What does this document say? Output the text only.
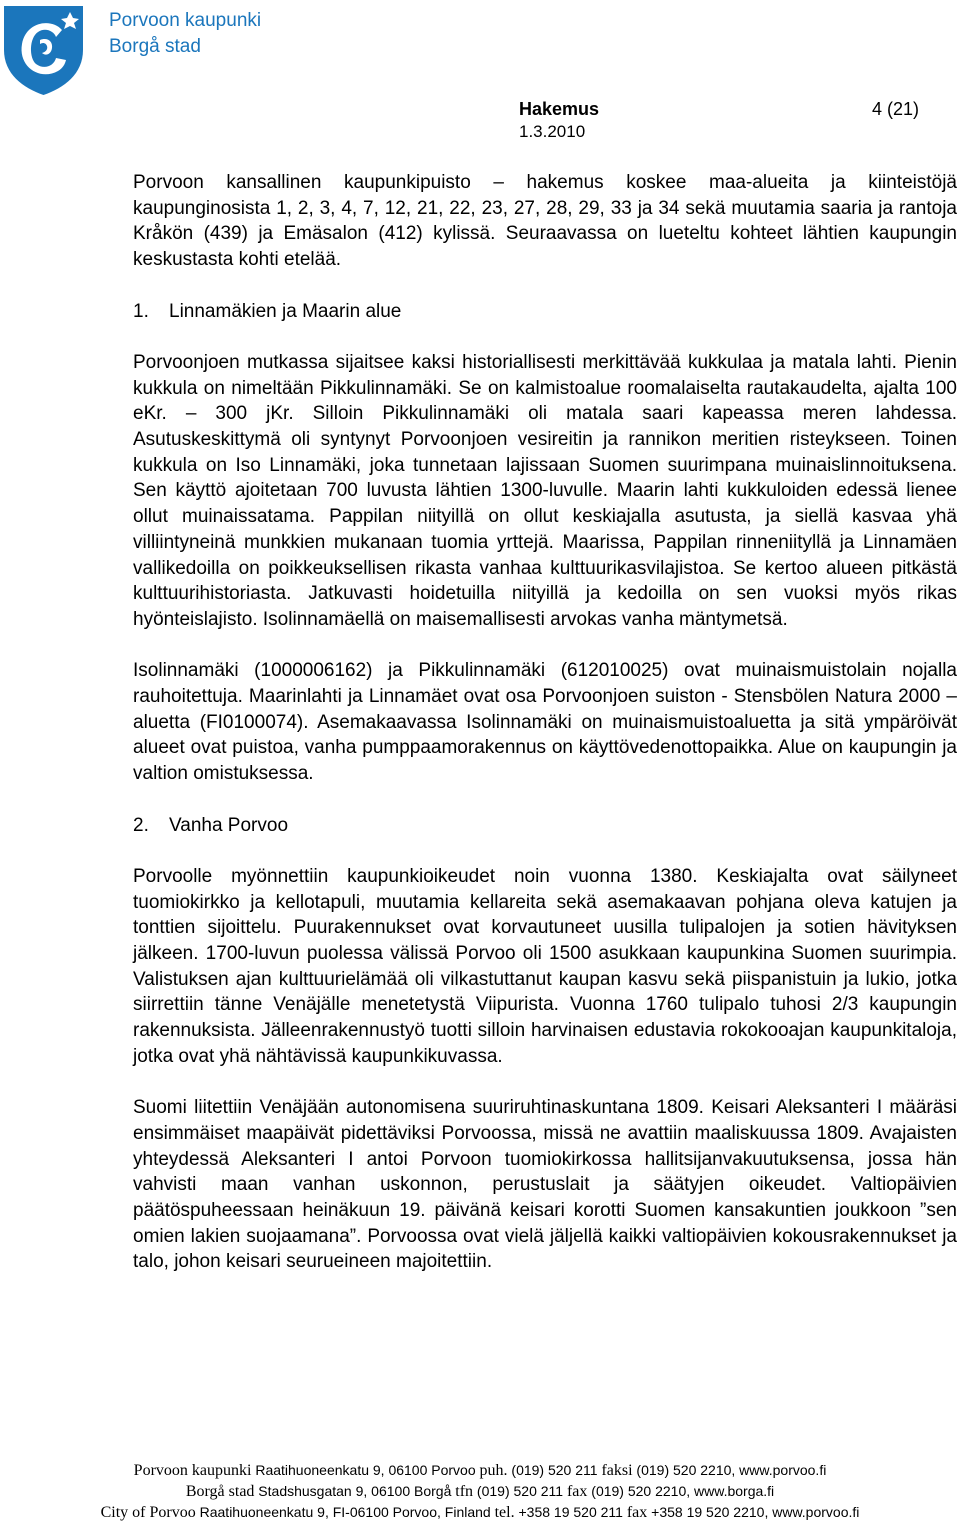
Porvoon kaupunki
Borgå stad
Hakemus	4 (21)
1.3.2010

Porvoon kansallinen kaupunkipuisto – hakemus koskee maa-alueita ja kiinteistöjä kaupunginosista 1, 2, 3, 4, 7, 12, 21, 22, 23, 27, 28, 29, 33 ja 34 sekä muutamia saaria ja rantoja Kråkön (439) ja Emäsalon (412) kylissä. Seuraavassa on lueteltu kohteet lähtien kaupungin keskustasta kohti etelää.

1. Linnamäkien ja Maarin alue

Porvoonjoen mutkassa sijaitsee kaksi historiallisesti merkittävää kukkulaa ja matala lahti. Pienin kukkula on nimeltään Pikkulinnamäki. Se on kalmistoalue roomalaiselta rautakaudelta, ajalta 100 eKr. – 300 jKr. Silloin Pikkulinnamäki oli matala saari kapeassa meren lahdessa. Asutuskeskittymä oli syntynyt Porvoonjoen vesireitin ja rannikon meritien risteykseen. Toinen kukkula on Iso Linnamäki, joka tunnetaan lajissaan Suomen suurimpana muinaislinnoituksena. Sen käyttö ajoitetaan 700 luvusta lähtien 1300-luvulle. Maarin lahti kukkuloiden edessä lienee ollut muinaissatama. Pappilan niityillä on ollut keskiajalla asutusta, ja siellä kasvaa yhä villiintyneinä munkkien mukanaan tuomia yrttejä. Maarissa, Pappilan rinneniityllä ja Linnamäen vallikedoilla on poikkeuksellisen rikasta vanhaa kulttuurikasvilajistoa. Se kertoo alueen pitkästä kulttuurihistoriasta. Jatkuvasti hoidetuilla niityillä ja kedoilla on sen vuoksi myös rikas hyönteislajisto. Isolinnamäellä on maisemallisesti arvokas vanha mäntymetsä.

Isolinnamäki (1000006162) ja Pikkulinnamäki (612010025) ovat muinaismuistolain nojalla rauhoitettuja. Maarinlahti ja Linnamäet ovat osa Porvoonjoen suiston - Stensbölen Natura 2000 –aluetta (FI0100074). Asemakaavassa Isolinnamäki on muinaismuistoaluetta ja sitä ympäröivät alueet ovat puistoa, vanha pumppaamorakennus on käyttövedenottopaikka. Alue on kaupungin ja valtion omistuksessa.

2. Vanha Porvoo

Porvoolle myönnettiin kaupunkioikeudet noin vuonna 1380. Keskiajalta ovat säilyneet tuomiokirkko ja kellotapuli, muutamia kellareita sekä asemakaavan pohjana oleva katujen ja tonttien sijoittelu. Puurakennukset ovat korvautuneet uusilla tulipalojen ja sotien hävityksen jälkeen. 1700-luvun puolessa välissä Porvoo oli 1500 asukkaan kaupunkina Suomen suurimpia. Valistuksen ajan kulttuurielämää oli vilkastuttanut kaupan kasvu sekä piispanistuin ja lukio, jotka siirrettiin tänne Venäjälle menetetystä Viipurista. Vuonna 1760 tulipalo tuhosi 2/3 kaupungin rakennuksista. Jälleenrakennustyö tuotti silloin harvinaisen edustavia rokokooajan kaupunkitaloja, jotka ovat yhä nähtävissä kaupunkikuvassa.

Suomi liitettiin Venäjään autonomisena suuriruhtinaskuntana 1809. Keisari Aleksanteri I määräsi ensimmäiset maapäivät pidettäviksi Porvoossa, missä ne avattiin maaliskuussa 1809. Avajaisten yhteydessä Aleksanteri I antoi Porvoon tuomiokirkossa hallitsijanvakuutuksensa, jossa hän vahvisti maan vanhan uskonnon, perustuslait ja säätyjen oikeudet. Valtiopäivien päätöspuheessaan heinäkuun 19. päivänä keisari korotti Suomen kansakuntien joukkoon ”sen omien lakien suojaamana”. Porvoossa ovat vielä jäljellä kaikki valtiopäivien kokousrakennukset ja talo, johon keisari seurueineen majoitettiin.

Porvoon kaupunki Raatihuoneenkatu 9, 06100 Porvoo puh. (019) 520 211 faksi (019) 520 2210, www.porvoo.fi
Borgå stad Stadshusgatan 9, 06100 Borgå tfn (019) 520 211 fax (019) 520 2210, www.borga.fi
City of Porvoo Raatihuoneenkatu 9, FI-06100 Porvoo, Finland tel. +358 19 520 211 fax +358 19 520 2210, www.porvoo.fi
